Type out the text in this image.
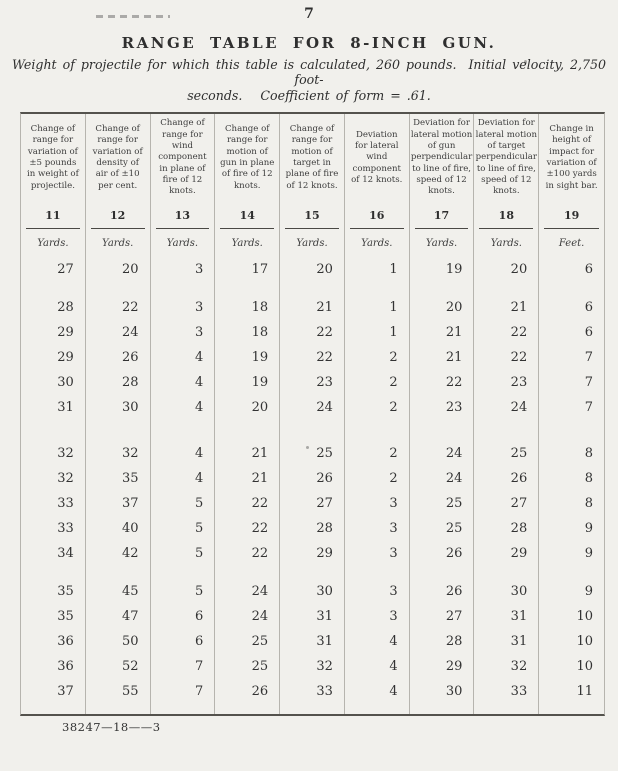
7
RANGE TABLE FOR 8-INCH GUN.

Weight of projectile for which this table is calculated, 260 pounds.  Initial velocity, 2,750 foot-
seconds.   Coefficient of form = .61.

Change of range for variation of ±5 pounds in weight of projectile.
Change of range for variation of density of air of ±10 per cent.
Change of range for wind component in plane of fire of 12 knots.
Change of range for motion of gun in plane of fire of 12 knots.
Change of range for motion of target in plane of fire of 12 knots.
Deviation for lateral wind component of 12 knots.
Deviation for lateral motion of gun perpendicular to line of fire, speed of 12 knots.
Deviation for lateral motion of target perpendicular to line of fire, speed of 12 knots.
Change in height of impact for variation of ±100 yards in sight bar.
11	12	13	14	15	16	17	18	19
Yards.	Yards.	Yards.	Yards.	Yards.	Yards.	Yards.	Yards.	Feet.
27	20	3	17	20	1	19	20	6
28	22	3	18	21	1	20	21	6
29	24	3	18	22	1	21	22	6
29	26	4	19	22	2	21	22	7
30	28	4	19	23	2	22	23	7
31	30	4	20	24	2	23	24	7
32	32	4	21	25	2	24	25	8
32	35	4	21	26	2	24	26	8
33	37	5	22	27	3	25	27	8
33	40	5	22	28	3	25	28	9
34	42	5	22	29	3	26	29	9
35	45	5	24	30	3	26	30	9
35	47	6	24	31	3	27	31	10
36	50	6	25	31	4	28	31	10
36	52	7	25	32	4	29	32	10
37	55	7	26	33	4	30	33	11
38247—18——3
